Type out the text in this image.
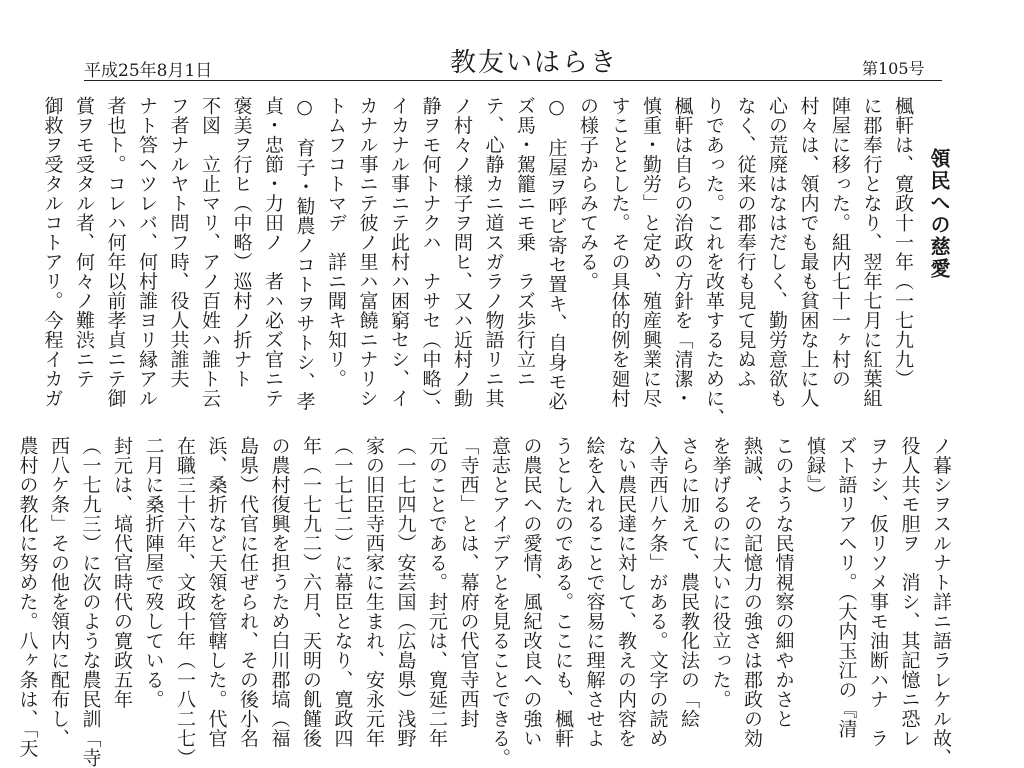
平成25年8月1日	教友いはらき	第105号
領民への慈愛
楓軒は、寛政十一年（一七九九）
に郡奉行となり、翌年七月に紅葉組
陣屋に移った。組内七十一ヶ村の
村々は、領内でも最も貧困な上に人
心の荒廃はなはだしく、勤労意欲も
なく、従来の郡奉行も見て見ぬふ
りであった。これを改革するために、
楓軒は自らの治政の方針を「清潔・
慎重・勤労」と定め、殖産興業に尽
すこととした。その具体的例を廻村
の様子からみてみる。
○　庄屋ヲ呼ビ寄セ置キ、自身モ必
ズ馬・駕籠ニモ乗　ラズ歩行立ニ
テ、心静カニ道スガラノ物語リニ其
ノ村々ノ様子ヲ問ヒ、又ハ近村ノ動
静ヲモ何トナクハ　ナサセ（中略）、
イカナル事ニテ此村ハ困窮セシ、イ
カナル事ニテ彼ノ里ハ富饒ニナリシ
トムフコトマデ　詳ニ聞キ知リ。
○　育子・勧農ノコトヲサトシ、孝
貞・忠節・力田ノ　者ハ必ズ官ニテ
褒美ヲ行ヒ（中略）巡村ノ折ナト
不図　立止マリ、アノ百姓ハ誰ト云
フ者ナルヤト問フ時、役人共誰夫
ナト答ヘツレバ、何村誰ヨリ縁アル
者也ト。コレハ何年以前孝貞ニテ御
賞ヲモ受タル者、何々ノ難渋ニテ
御救ヲ受タルコトアリ。今程イカガ
ノ暮シヲスルナト詳ニ語ラレケル故、
役人共モ胆ヲ　消シ、其記憶ニ恐レ
ヲナシ、仮リソメ事モ油断ハナ　ラ
ズト語リアヘリ。（大内玉江の『清
慎録』）
このような民情視察の細やかさと
熱誠、その記憶力の強さは郡政の効
を挙げるのに大いに役立った。
さらに加えて、農民教化法の「絵
入寺西八ケ条」がある。文字の読め
ない農民達に対して、教えの内容を
絵を入れることで容易に理解させよ
うとしたのである。ここにも、楓軒
の農民への愛情、風紀改良への強い
意志とアイデアとを見ることできる。
「寺西」とは、幕府の代官寺西封
元のことである。封元は、寛延二年
（一七四九）安芸国（広島県）浅野
家の旧臣寺西家に生まれ、安永元年
（一七七二）に幕臣となり、寛政四
年（一七九二）六月、天明の飢饉後
の農村復興を担うため白川郡塙（福
島県）代官に任ぜられ、その後小名
浜、桑折など天領を管轄した。代官
在職三十六年、文政十年（一八二七）
二月に桑折陣屋で歿している。
封元は、塙代官時代の寛政五年
（一七九三）に次のような農民訓「寺
西八ケ条」その他を領内に配布し、
農村の教化に努めた。八ヶ条は、「天
